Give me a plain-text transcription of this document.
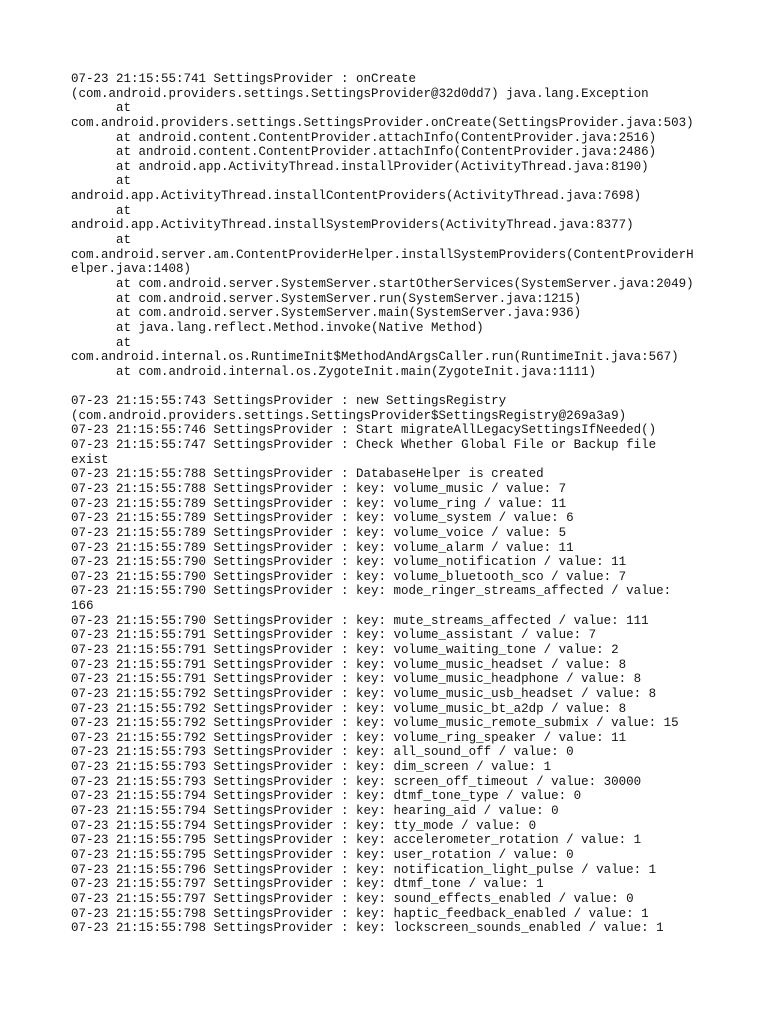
07-23 21:15:55:741 SettingsProvider : onCreate
(com.android.providers.settings.SettingsProvider@32d0dd7) java.lang.Exception
at
com.android.providers.settings.SettingsProvider.onCreate(SettingsProvider.java:503)
at android.content.ContentProvider.attachInfo(ContentProvider.java:2516)
at android.content.ContentProvider.attachInfo(ContentProvider.java:2486)
at android.app.ActivityThread.installProvider(ActivityThread.java:8190)
at
android.app.ActivityThread.installContentProviders(ActivityThread.java:7698)
at
android.app.ActivityThread.installSystemProviders(ActivityThread.java:8377)
at
com.android.server.am.ContentProviderHelper.installSystemProviders(ContentProviderH
elper.java:1408)
at com.android.server.SystemServer.startOtherServices(SystemServer.java:2049)
at com.android.server.SystemServer.run(SystemServer.java:1215)
at com.android.server.SystemServer.main(SystemServer.java:936)
at java.lang.reflect.Method.invoke(Native Method)
at
com.android.internal.os.RuntimeInit$MethodAndArgsCaller.run(RuntimeInit.java:567)
at com.android.internal.os.ZygoteInit.main(ZygoteInit.java:1111)
07-23 21:15:55:743 SettingsProvider : new SettingsRegistry
(com.android.providers.settings.SettingsProvider$SettingsRegistry@269a3a9)
07-23 21:15:55:746 SettingsProvider : Start migrateAllLegacySettingsIfNeeded()
07-23 21:15:55:747 SettingsProvider : Check Whether Global File or Backup file
exist
07-23 21:15:55:788 SettingsProvider : DatabaseHelper is created
07-23 21:15:55:788 SettingsProvider : key: volume_music / value: 7
07-23 21:15:55:789 SettingsProvider : key: volume_ring / value: 11
07-23 21:15:55:789 SettingsProvider : key: volume_system / value: 6
07-23 21:15:55:789 SettingsProvider : key: volume_voice / value: 5
07-23 21:15:55:789 SettingsProvider : key: volume_alarm / value: 11
07-23 21:15:55:790 SettingsProvider : key: volume_notification / value: 11
07-23 21:15:55:790 SettingsProvider : key: volume_bluetooth_sco / value: 7
07-23 21:15:55:790 SettingsProvider : key: mode_ringer_streams_affected / value:
166
07-23 21:15:55:790 SettingsProvider : key: mute_streams_affected / value: 111
07-23 21:15:55:791 SettingsProvider : key: volume_assistant / value: 7
07-23 21:15:55:791 SettingsProvider : key: volume_waiting_tone / value: 2
07-23 21:15:55:791 SettingsProvider : key: volume_music_headset / value: 8
07-23 21:15:55:791 SettingsProvider : key: volume_music_headphone / value: 8
07-23 21:15:55:792 SettingsProvider : key: volume_music_usb_headset / value: 8
07-23 21:15:55:792 SettingsProvider : key: volume_music_bt_a2dp / value: 8
07-23 21:15:55:792 SettingsProvider : key: volume_music_remote_submix / value: 15
07-23 21:15:55:792 SettingsProvider : key: volume_ring_speaker / value: 11
07-23 21:15:55:793 SettingsProvider : key: all_sound_off / value: 0
07-23 21:15:55:793 SettingsProvider : key: dim_screen / value: 1
07-23 21:15:55:793 SettingsProvider : key: screen_off_timeout / value: 30000
07-23 21:15:55:794 SettingsProvider : key: dtmf_tone_type / value: 0
07-23 21:15:55:794 SettingsProvider : key: hearing_aid / value: 0
07-23 21:15:55:794 SettingsProvider : key: tty_mode / value: 0
07-23 21:15:55:795 SettingsProvider : key: accelerometer_rotation / value: 1
07-23 21:15:55:795 SettingsProvider : key: user_rotation / value: 0
07-23 21:15:55:796 SettingsProvider : key: notification_light_pulse / value: 1
07-23 21:15:55:797 SettingsProvider : key: dtmf_tone / value: 1
07-23 21:15:55:797 SettingsProvider : key: sound_effects_enabled / value: 0
07-23 21:15:55:798 SettingsProvider : key: haptic_feedback_enabled / value: 1
07-23 21:15:55:798 SettingsProvider : key: lockscreen_sounds_enabled / value: 1
